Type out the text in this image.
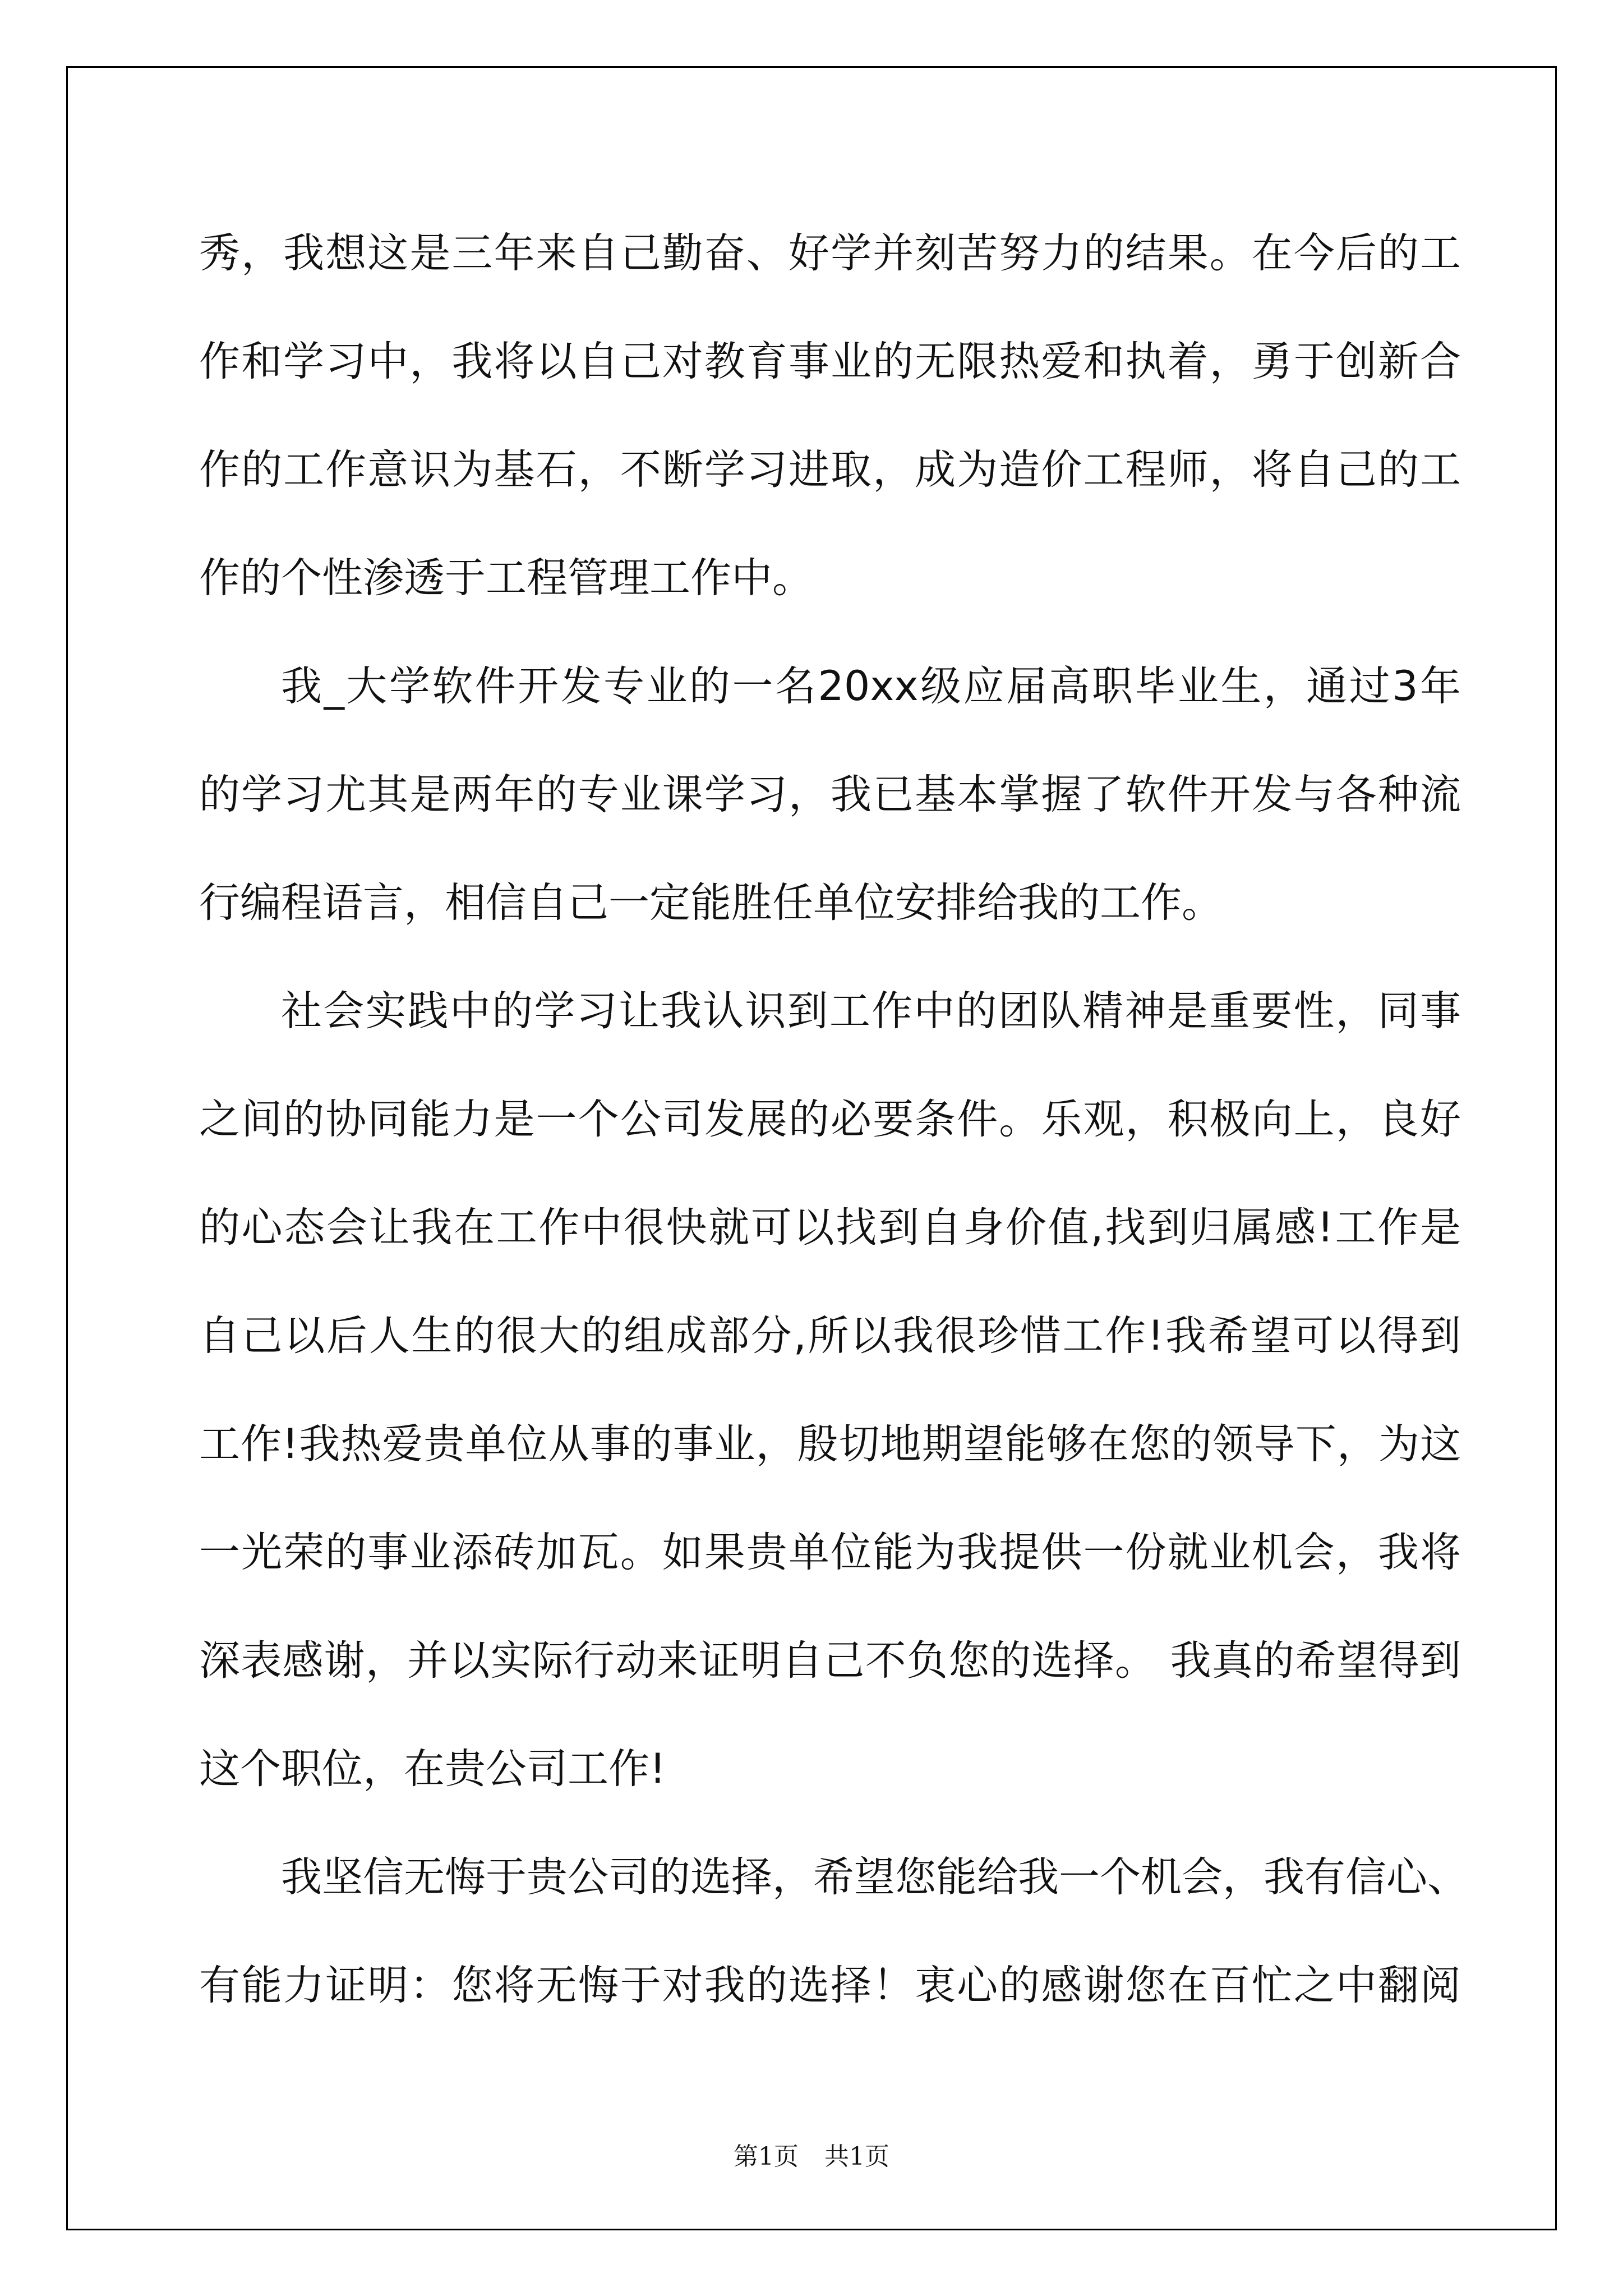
秀，我想这是三年来自己勤奋、好学并刻苦努力的结果。在今后的工
作和学习中，我将以自己对教育事业的无限热爱和执着，勇于创新合
作的工作意识为基石，不断学习进取，成为造价工程师，将自己的工
作的个性渗透于工程管理工作中。
我_大学软件开发专业的一名20xx级应届高职毕业生，通过3年
的学习尤其是两年的专业课学习，我已基本掌握了软件开发与各种流
行编程语言，相信自己一定能胜任单位安排给我的工作。
社会实践中的学习让我认识到工作中的团队精神是重要性，同事
之间的协同能力是一个公司发展的必要条件。乐观，积极向上，良好
的心态会让我在工作中很快就可以找到自身价值,找到归属感!工作是
自己以后人生的很大的组成部分,所以我很珍惜工作!我希望可以得到
工作!我热爱贵单位从事的事业，殷切地期望能够在您的领导下，为这
一光荣的事业添砖加瓦。如果贵单位能为我提供一份就业机会，我将
深表感谢，并以实际行动来证明自己不负您的选择。 我真的希望得到
这个职位，在贵公司工作!
我坚信无悔于贵公司的选择，希望您能给我一个机会，我有信心、
有能力证明：您将无悔于对我的选择！衷心的感谢您在百忙之中翻阅
第1页 共1页
